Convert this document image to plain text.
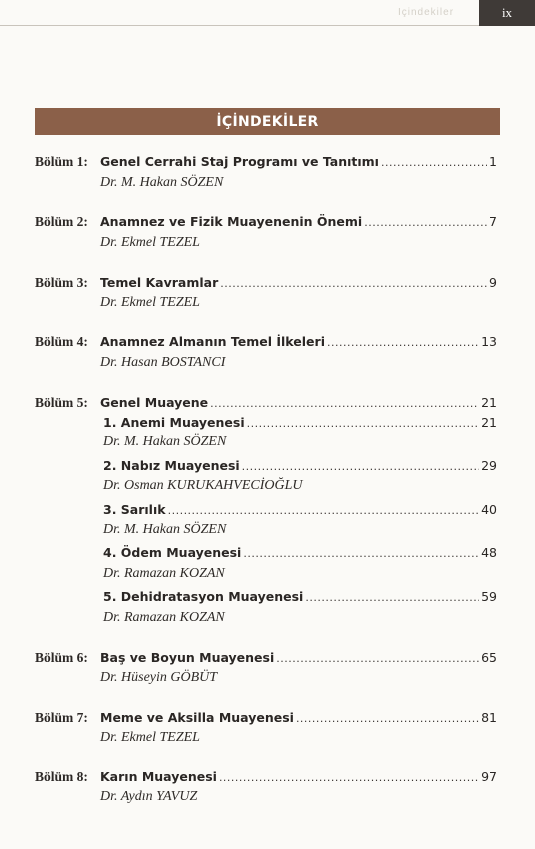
Içindekiler	ix
İÇİNDEKİLER
Bölüm 1: Genel Cerrahi Staj Programı ve Tanıtımı .....	1
Dr. M. Hakan SÖZEN
Bölüm 2: Anamnez ve Fizik Muayenenin Önemi .....	7
Dr. Ekmel TEZEL
Bölüm 3: Temel Kavramlar .....	9
Dr. Ekmel TEZEL
Bölüm 4: Anamnez Almanın Temel İlkeleri .....	13
Dr. Hasan BOSTANCI
Bölüm 5: Genel Muayene .....	21
1. Anemi Muayenesi .....	21
Dr. M. Hakan SÖZEN
2. Nabız Muayenesi .....	29
Dr. Osman KURUKAHVECİOĞLU
3. Sarılık .....	40
Dr. M. Hakan SÖZEN
4. Ödem Muayenesi .....	48
Dr. Ramazan KOZAN
5. Dehidratasyon Muayenesi .....	59
Dr. Ramazan KOZAN
Bölüm 6: Baş ve Boyun Muayenesi .....	65
Dr. Hüseyin GÖBÜT
Bölüm 7: Meme ve Aksilla Muayenesi .....	81
Dr. Ekmel TEZEL
Bölüm 8: Karın Muayenesi .....	97
Dr. Aydın YAVUZ
